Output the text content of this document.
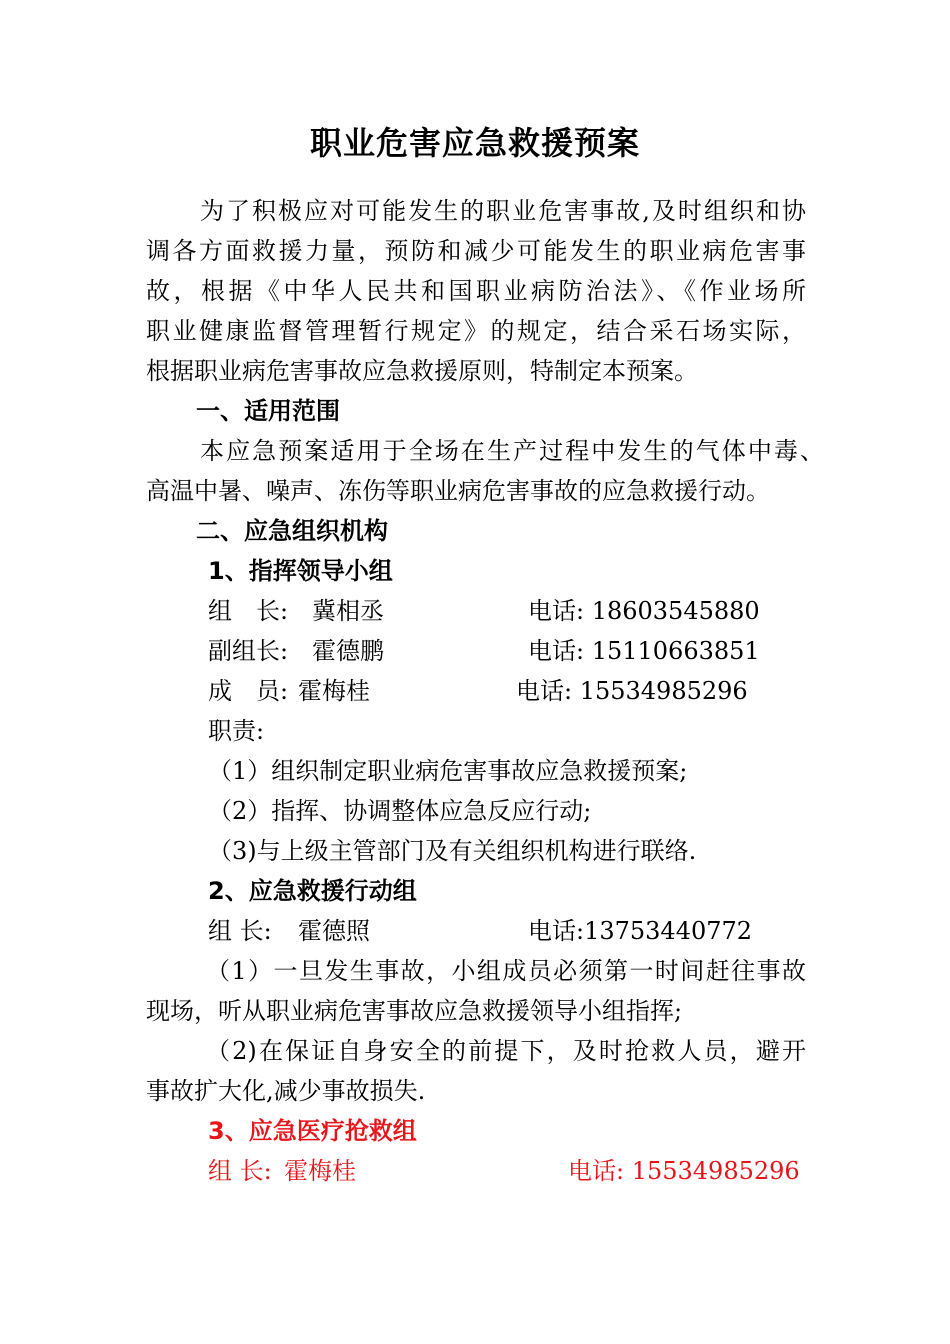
职业危害应急救援预案
为了积极应对可能发生的职业危害事故,及时组织和协
调各方面救援力量，预防和减少可能发生的职业病危害事
故，根据《中华人民共和国职业病防治法》、《作业场所
职业健康监督管理暂行规定》的规定，结合采石场实际，
根据职业病危害事故应急救援原则，特制定本预案。
一、适用范围
本应急预案适用于全场在生产过程中发生的气体中毒、
高温中暑、噪声、冻伤等职业病危害事故的应急救援行动。
二、应急组织机构
1、指挥领导小组
组　长: 冀相丞	电话: 18603545880
副组长: 霍德鹏	电话: 15110663851
成　员: 霍梅桂	电话: 15534985296
职责:
（1）组织制定职业病危害事故应急救援预案;
（2）指挥、协调整体应急反应行动;
（3)与上级主管部门及有关组织机构进行联络.
2、应急救援行动组
组 长: 霍德照	电话:13753440772
（1）一旦发生事故，小组成员必须第一时间赶往事故
现场，听从职业病危害事故应急救援领导小组指挥;
（2)在保证自身安全的前提下，及时抢救人员，避开
事故扩大化,减少事故损失.
3、应急医疗抢救组
组 长: 霍梅桂	电话: 15534985296
